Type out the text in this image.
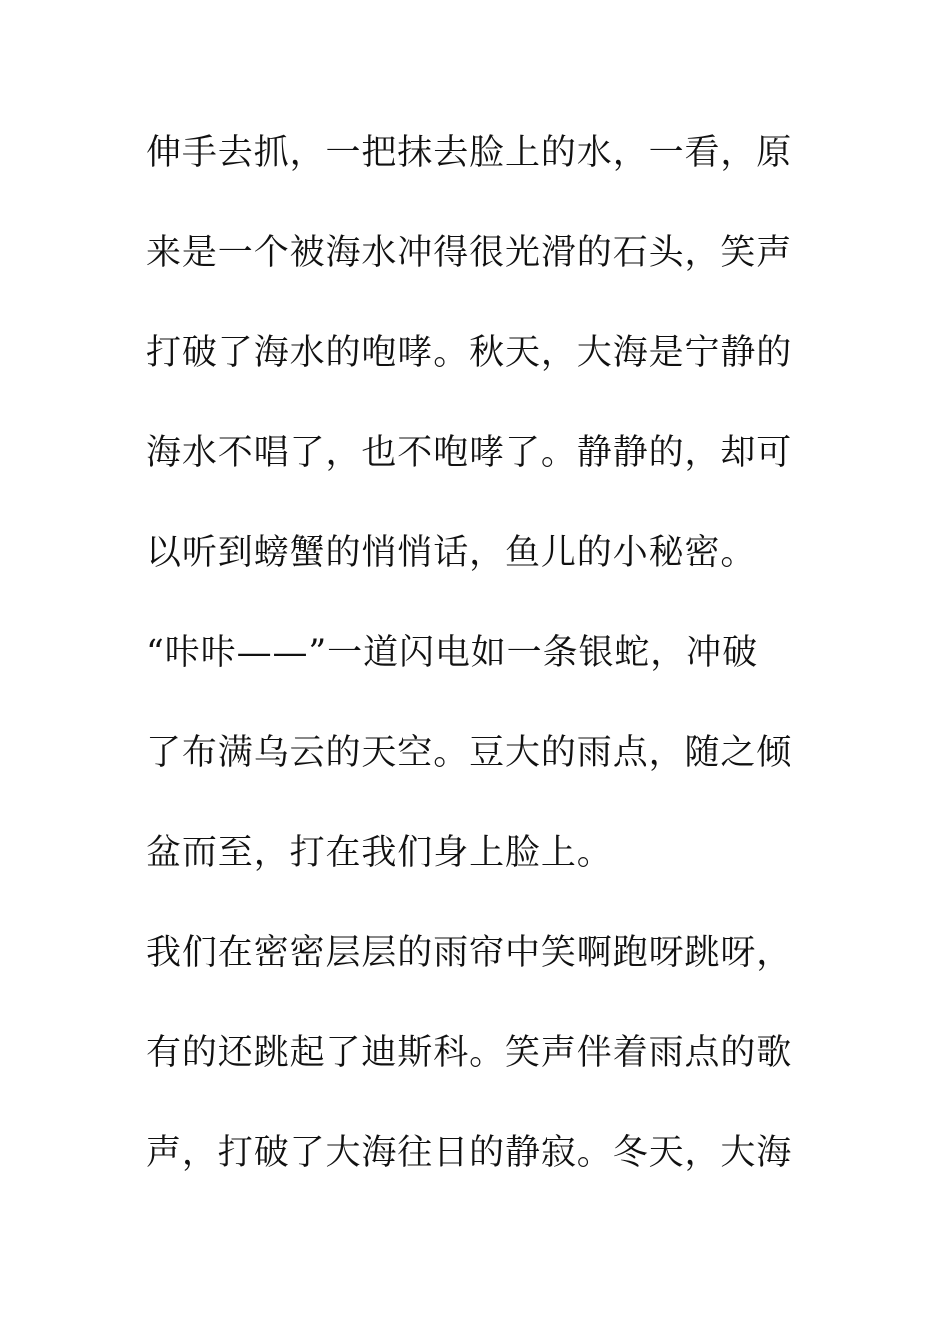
伸手去抓，一把抹去脸上的水，一看，原
来是一个被海水冲得很光滑的石头，笑声
打破了海水的咆哮。秋天，大海是宁静的
海水不唱了，也不咆哮了。静静的，却可
以听到螃蟹的悄悄话，鱼儿的小秘密。
“咔咔——”一道闪电如一条银蛇，冲破
了布满乌云的天空。豆大的雨点，随之倾
盆而至，打在我们身上脸上。
我们在密密层层的雨帘中笑啊跑呀跳呀，
有的还跳起了迪斯科。笑声伴着雨点的歌
声，打破了大海往日的静寂。冬天，大海
